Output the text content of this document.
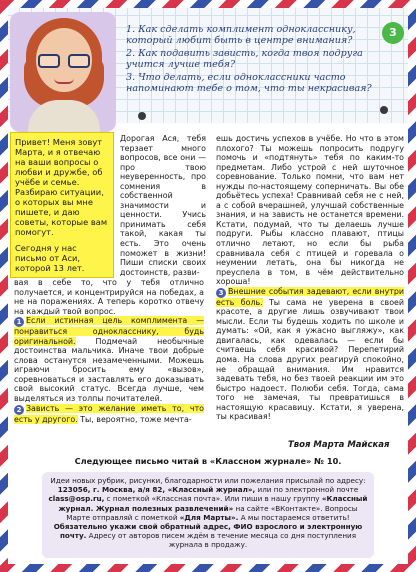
1. Как сделать комплимент однокласснику, который любит быть в центре внимания?

2. Как подавить зависть, когда твоя подруга учится лучше тебя?

3. Что делать, если одноклассники часто напоминают тебе о том, что ты некрасивая?

3

Привет! Меня зовут Марта, и я отвечаю на ваши вопросы о любви и дружбе, об учёбе и семье. Разбираю ситуации, о которых вы мне пишете, и даю советы, которые вам помогут.

Сегодня у нас письмо от Аси, которой 13 лет.

Дорогая Ася, тебя терзает много вопросов, все они — про твою неуверенность, про сомнения в собственной значимости и ценности. Учись принимать себя такой, какая ты есть. Это очень поможет в жизни! Пиши списки своих достоинств, разви-
вая в себе то, что у тебя отлично получается, и концентрируйся на победах, а не на поражениях. А теперь коротко отвечу на каждый твой вопрос.
1 Если истинная цель комплимента — понравиться однокласснику, будь оригинальной. Подмечай необычные достоинства мальчика. Иначе твои добрые слова останутся незамеченными. Можешь играючи бросить ему «вызов», соревноваться и заставлять его доказывать свой высокий статус. Всегда лучше, чем выделяться из толпы почитателей.
2 Зависть — это желание иметь то, что есть у другого. Ты, вероятно, тоже мечта-
ешь достичь успехов в учёбе. Но что в этом плохого? Ты можешь попросить подругу помочь и «подтянуть» тебя по каким-то предметам. Либо устрой с ней шуточное соревнование. Только помни, что вам нет нужды по-настоящему соперничать. Вы обе добьётесь успеха! Сравнивай себя не с ней, а с собой вчерашней, улучшай собственные знания, и на зависть не останется времени. Кстати, подумай, что ты делаешь лучше подруги. Рыбы классно плавают, птицы отлично летают, но если бы рыба сравнивала себя с птицей и горевала о неумении летать, она бы никогда не преуспела в том, в чём действительно хороша!
3 Внешние события задевают, если внутри есть боль. Ты сама не уверена в своей красоте, а другие лишь озвучивают твои мысли. Если ты будешь ходить по школе и думать: «Ой, как я ужасно выгляжу», как двигалась, как одевалась — если бы считаешь себя красивой? Перепетирий дома. На слова других реагируй спокойно, не обращай внимания. Им нравится задевать тебя, но без твоей реакции им это быстро надоест. Полюби себя. Тогда, сама того не замечая, ты превратишься в настоящую красавицу. Кстати, я уверена, ты красивая!
Твоя Марта Майская
Следующее письмо читай в «Классном журнале» № 10.
Идеи новых рубрик, рисунки, благодарности или пожелания присылай по адресу: 123056, г. Москва, а/я 82, «Классный журнал», или по электронной почте class@osp.ru, с пометкой «Классная почта». Или пиши в нашу группу «Классный журнал. Журнал полезных развлечений» на сайте «ВКонтакте». Вопросы Марте отправляй с пометкой «Для Марты». А мы постараемся ответить! Обязательно укажи свой обратный адрес, ФИО взрослого и электронную почту. Адресу от авторов писем ждём в течение месяца со дня поступления журнала в продажу.
